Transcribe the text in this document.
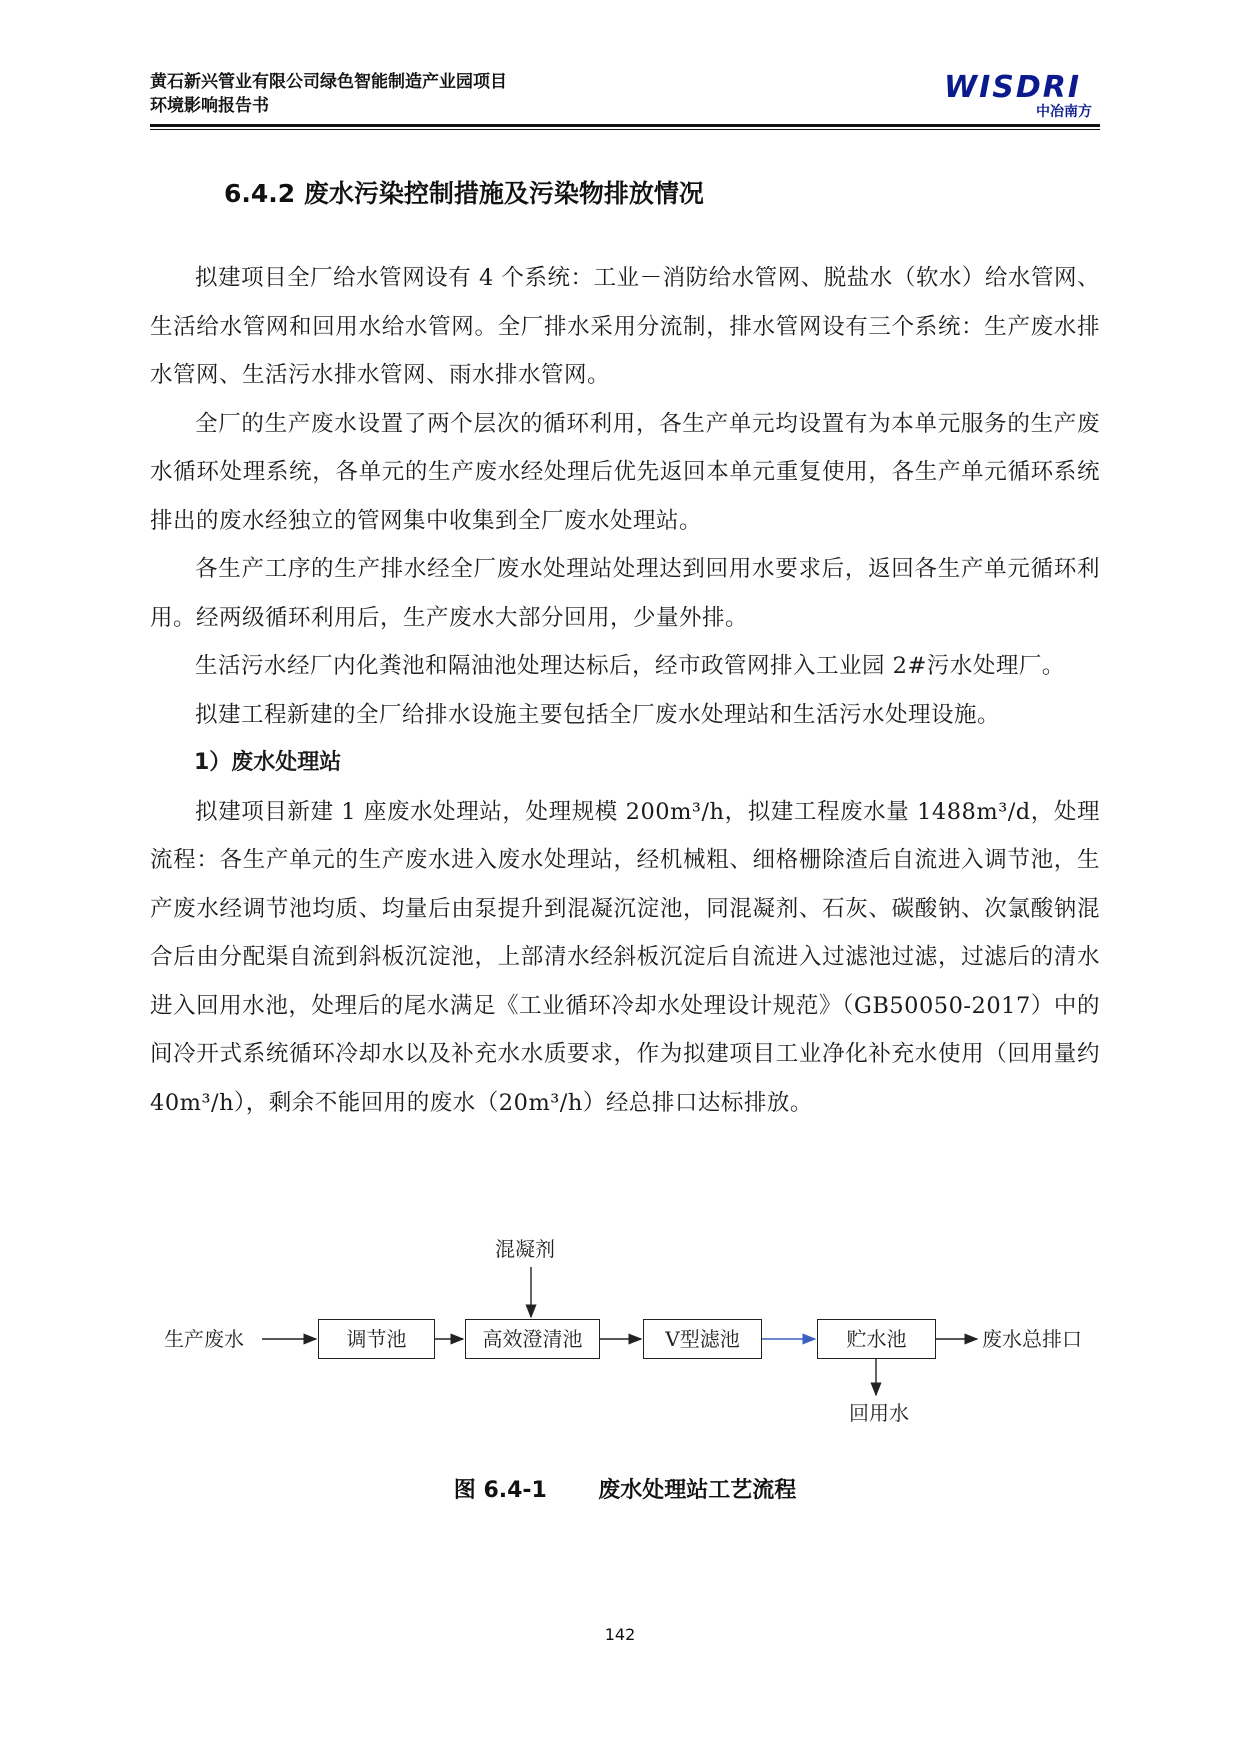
黄石新兴管业有限公司绿色智能制造产业园项目
环境影响报告书
WISDRI
中冶南方
6.4.2 废水污染控制措施及污染物排放情况

拟建项目全厂给水管网设有 4 个系统：工业－消防给水管网、脱盐水（软水）给水管网、生活给水管网和回用水给水管网。全厂排水采用分流制，排水管网设有三个系统：生产废水排水管网、生活污水排水管网、雨水排水管网。

全厂的生产废水设置了两个层次的循环利用，各生产单元均设置有为本单元服务的生产废水循环处理系统，各单元的生产废水经处理后优先返回本单元重复使用，各生产单元循环系统排出的废水经独立的管网集中收集到全厂废水处理站。

各生产工序的生产排水经全厂废水处理站处理达到回用水要求后，返回各生产单元循环利用。经两级循环利用后，生产废水大部分回用，少量外排。

生活污水经厂内化粪池和隔油池处理达标后，经市政管网排入工业园 2#污水处理厂。

拟建工程新建的全厂给排水设施主要包括全厂废水处理站和生活污水处理设施。

1）废水处理站

拟建项目新建 1 座废水处理站，处理规模 200m³/h，拟建工程废水量 1488m³/d，处理流程：各生产单元的生产废水进入废水处理站，经机械粗、细格栅除渣后自流进入调节池，生产废水经调节池均质、均量后由泵提升到混凝沉淀池，同混凝剂、石灰、碳酸钠、次氯酸钠混合后由分配渠自流到斜板沉淀池，上部清水经斜板沉淀后自流进入过滤池过滤，过滤后的清水进入回用水池，处理后的尾水满足《工业循环冷却水处理设计规范》（GB50050-2017）中的间冷开式系统循环冷却水以及补充水水质要求，作为拟建项目工业净化补充水使用（回用量约 40m³/h），剩余不能回用的废水（20m³/h）经总排口达标排放。

生产废水
混凝剂
调节池	高效澄清池	V型滤池	贮水池	废水总排口
回用水
图 6.4-1 废水处理站工艺流程
142
